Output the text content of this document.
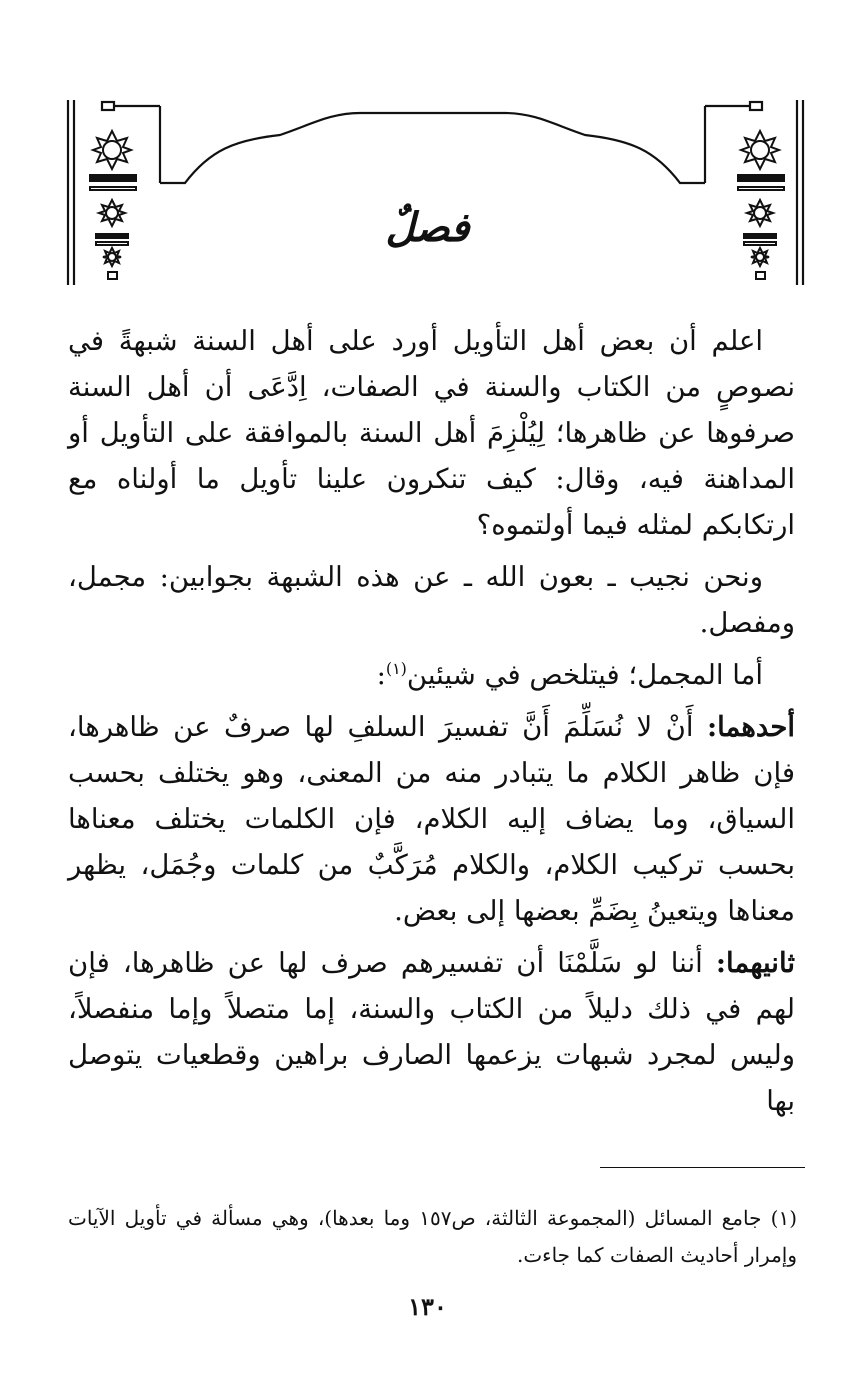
فصلٌ

اعلم أن بعض أهل التأويل أورد على أهل السنة شبهةً في نصوصٍ من الكتاب والسنة في الصفات، اِدَّعَى أن أهل السنة صرفوها عن ظاهرها؛ لِيُلْزِمَ أهل السنة بالموافقة على التأويل أو المداهنة فيه، وقال: كيف تنكرون علينا تأويل ما أولناه مع ارتكابكم لمثله فيما أولتموه؟

ونحن نجيب ـ بعون الله ـ عن هذه الشبهة بجوابين: مجمل، ومفصل.

أما المجمل؛ فيتلخص في شيئين$^{(١)}$:

أحدهما: أَنْ لا نُسَلِّمَ أَنَّ تفسيرَ السلفِ لها صرفٌ عن ظاهرها، فإن ظاهر الكلام ما يتبادر منه من المعنى، وهو يختلف بحسب السياق، وما يضاف إليه الكلام، فإن الكلمات يختلف معناها بحسب تركيب الكلام، والكلام مُرَكَّبٌ من كلمات وجُمَل، يظهر معناها ويتعينُ بِضَمِّ بعضها إلى بعض.

ثانيهما: أننا لو سَلَّمْنَا أن تفسيرهم صرف لها عن ظاهرها، فإن لهم في ذلك دليلاً من الكتاب والسنة، إما متصلاً وإما منفصلاً، وليس لمجرد شبهات يزعمها الصارف براهين وقطعيات يتوصل بها

(١) جامع المسائل (المجموعة الثالثة، ص١٥٧ وما بعدها)، وهي مسألة في تأويل الآيات وإمرار أحاديث الصفات كما جاءت.

١٣٠
